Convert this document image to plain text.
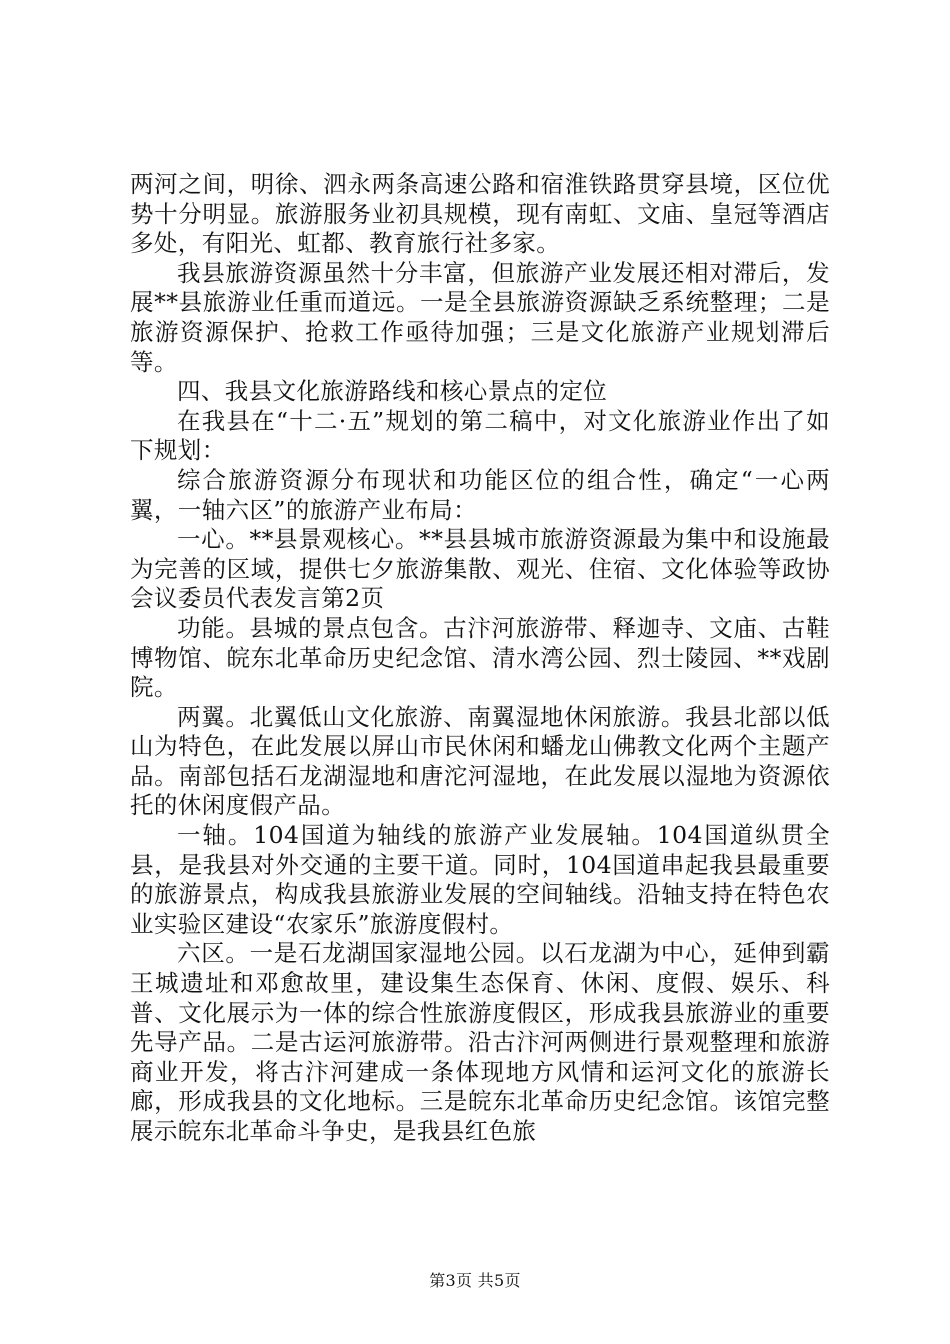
两河之间，明徐、泗永两条高速公路和宿淮铁路贯穿县境，区位优势十分明显。旅游服务业初具规模，现有南虹、文庙、皇冠等酒店多处，有阳光、虹都、教育旅行社多家。

我县旅游资源虽然十分丰富，但旅游产业发展还相对滞后，发展**县旅游业任重而道远。一是全县旅游资源缺乏系统整理；二是旅游资源保护、抢救工作亟待加强；三是文化旅游产业规划滞后等。

四、我县文化旅游路线和核心景点的定位

在我县在“十二·五”规划的第二稿中，对文化旅游业作出了如下规划：

综合旅游资源分布现状和功能区位的组合性，确定“一心两翼，一轴六区”的旅游产业布局：

一心。**县景观核心。**县县城市旅游资源最为集中和设施最为完善的区域，提供七夕旅游集散、观光、住宿、文化体验等政协会议委员代表发言第2页

功能。县城的景点包含。古汴河旅游带、释迦寺、文庙、古鞋博物馆、皖东北革命历史纪念馆、清水湾公园、烈士陵园、**戏剧院。

两翼。北翼低山文化旅游、南翼湿地休闲旅游。我县北部以低山为特色，在此发展以屏山市民休闲和蟠龙山佛教文化两个主题产品。南部包括石龙湖湿地和唐沱河湿地，在此发展以湿地为资源依托的休闲度假产品。

一轴。104国道为轴线的旅游产业发展轴。104国道纵贯全县，是我县对外交通的主要干道。同时，104国道串起我县最重要的旅游景点，构成我县旅游业发展的空间轴线。沿轴支持在特色农业实验区建设“农家乐”旅游度假村。

六区。一是石龙湖国家湿地公园。以石龙湖为中心，延伸到霸王城遗址和邓愈故里，建设集生态保育、休闲、度假、娱乐、科普、文化展示为一体的综合性旅游度假区，形成我县旅游业的重要先导产品。二是古运河旅游带。沿古汴河两侧进行景观整理和旅游商业开发，将古汴河建成一条体现地方风情和运河文化的旅游长廊，形成我县的文化地标。三是皖东北革命历史纪念馆。该馆完整展示皖东北革命斗争史，是我县红色旅

第3页 共5页
